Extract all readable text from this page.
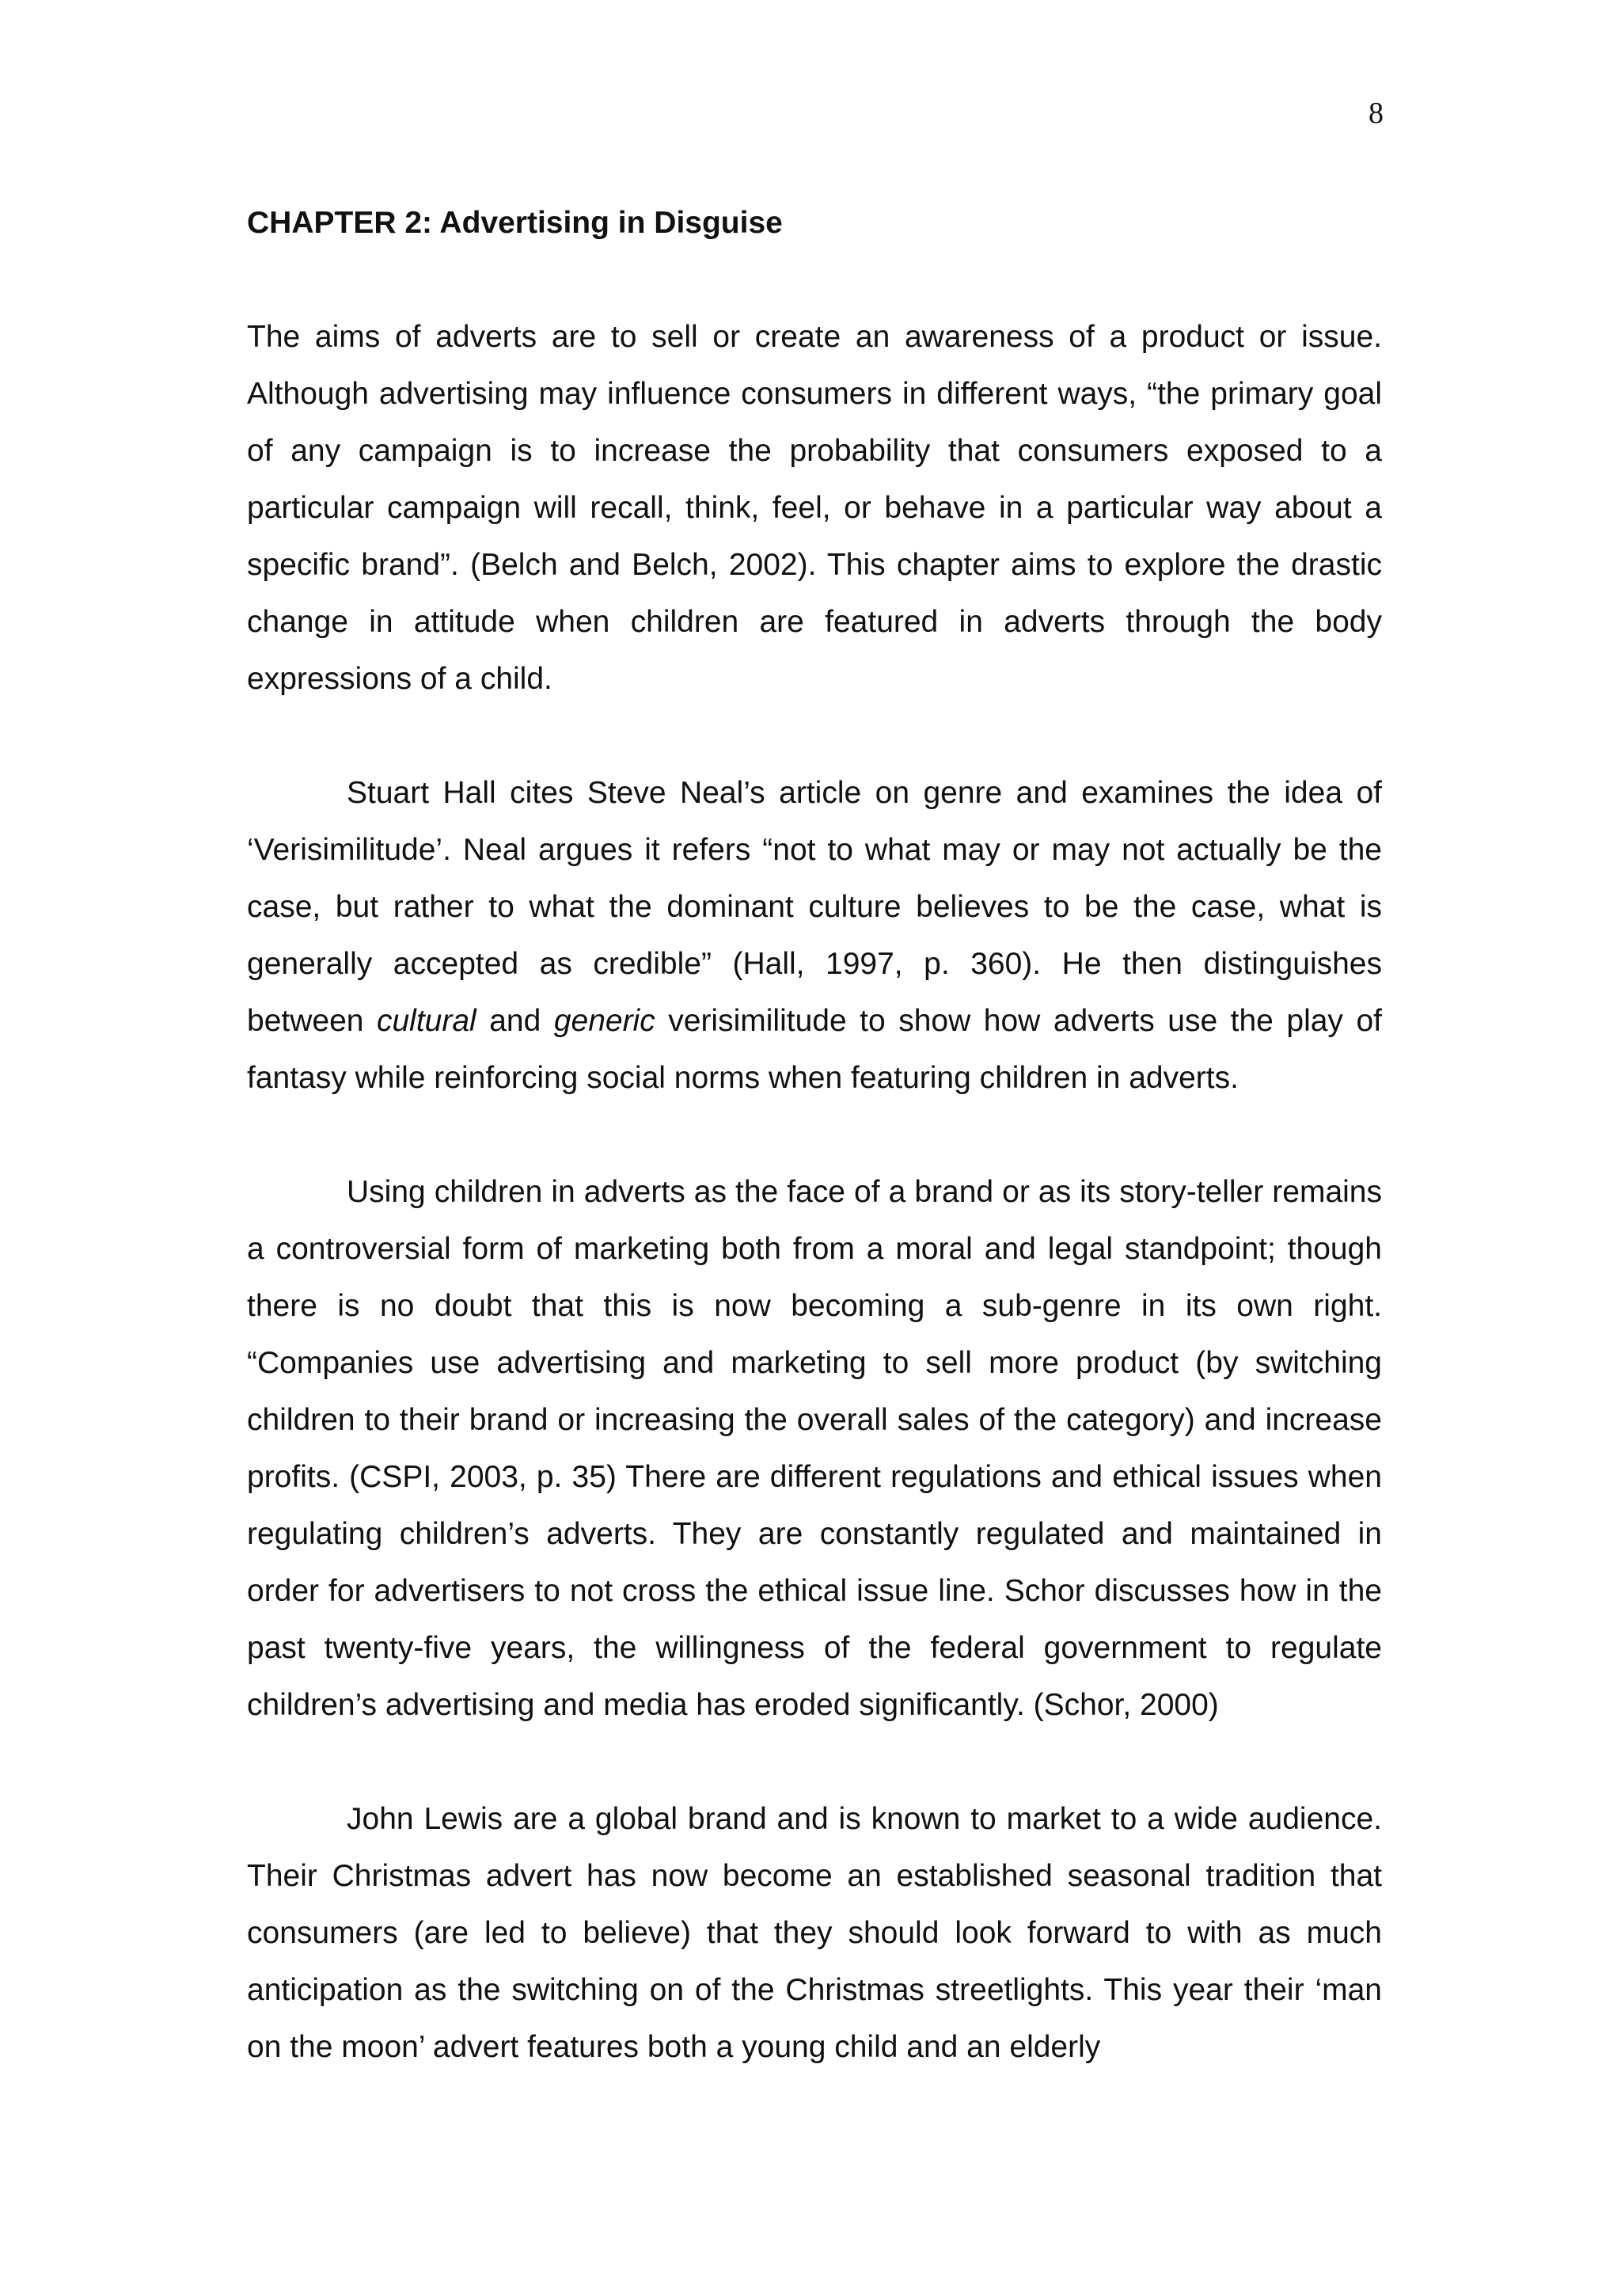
8
CHAPTER 2: Advertising in Disguise

The aims of adverts are to sell or create an awareness of a product or issue. Although advertising may influence consumers in different ways, “the primary goal of any campaign is to increase the probability that consumers exposed to a particular campaign will recall, think, feel, or behave in a particular way about a specific brand”. (Belch and Belch, 2002). This chapter aims to explore the drastic change in attitude when children are featured in adverts through the body expressions of a child.

Stuart Hall cites Steve Neal’s article on genre and examines the idea of ‘Verisimilitude’. Neal argues it refers “not to what may or may not actually be the case, but rather to what the dominant culture believes to be the case, what is generally accepted as credible” (Hall, 1997, p. 360). He then distinguishes between cultural and generic verisimilitude to show how adverts use the play of fantasy while reinforcing social norms when featuring children in adverts.

Using children in adverts as the face of a brand or as its story-teller remains a controversial form of marketing both from a moral and legal standpoint; though there is no doubt that this is now becoming a sub-genre in its own right. “Companies use advertising and marketing to sell more product (by switching children to their brand or increasing the overall sales of the category) and increase profits. (CSPI, 2003, p. 35) There are different regulations and ethical issues when regulating children’s adverts. They are constantly regulated and maintained in order for advertisers to not cross the ethical issue line. Schor discusses how in the past twenty-five years, the willingness of the federal government to regulate children’s advertising and media has eroded significantly. (Schor, 2000)

John Lewis are a global brand and is known to market to a wide audience. Their Christmas advert has now become an established seasonal tradition that consumers (are led to believe) that they should look forward to with as much anticipation as the switching on of the Christmas streetlights. This year their ‘man on the moon’ advert features both a young child and an elderly
